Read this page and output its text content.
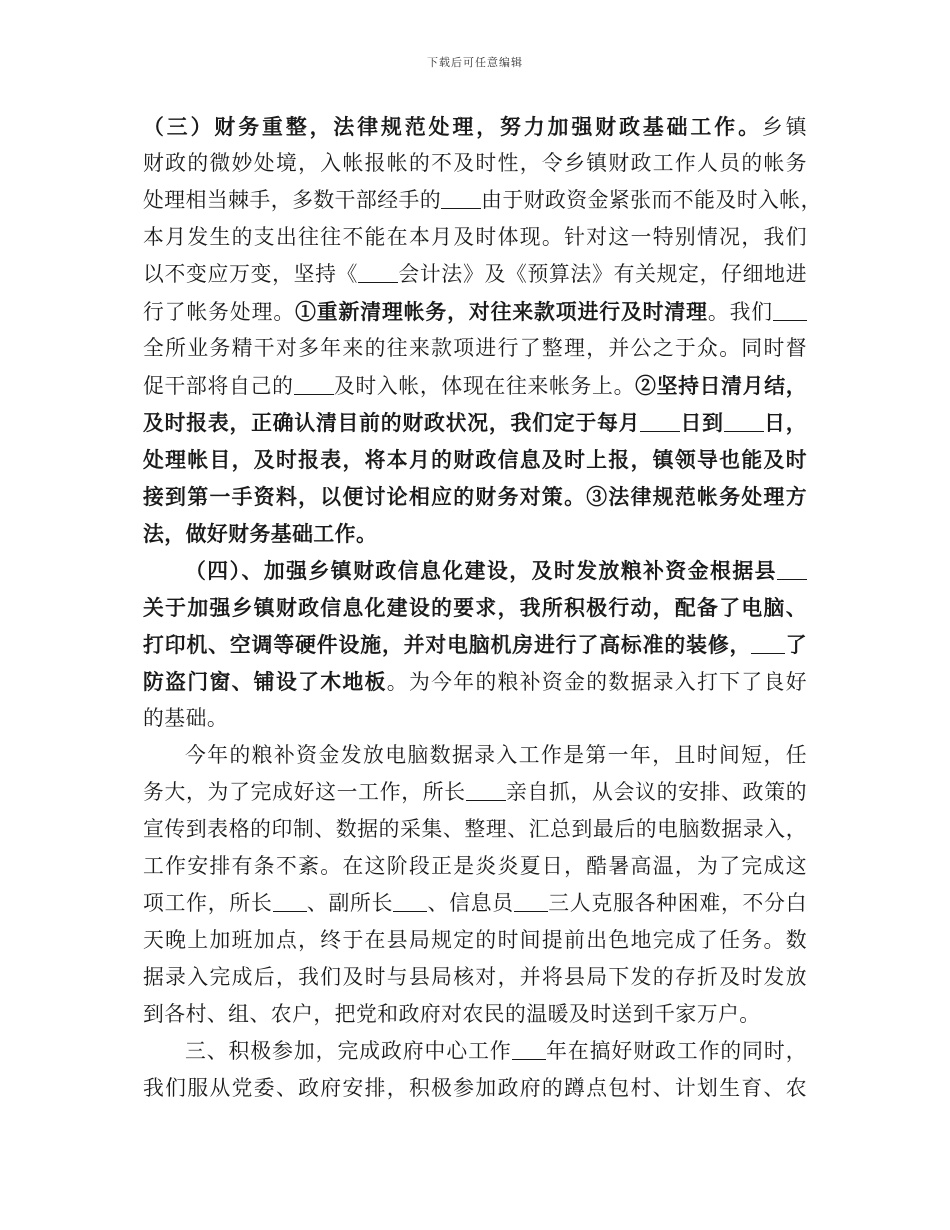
下载后可任意编辑
（三）财务重整，法律规范处理，努力加强财政基础工作。乡镇
财政的微妙处境，入帐报帐的不及时性，令乡镇财政工作人员的帐务
处理相当棘手，多数干部经手的 由于财政资金紧张而不能及时入帐，
本月发生的支出往往不能在本月及时体现。针对这一特别情况，我们
以不变应万变，坚持《 会计法》及《预算法》有关规定，仔细地进
行了帐务处理。①重新清理帐务，对往来款项进行及时清理。我们
全所业务精干对多年来的往来款项进行了整理，并公之于众。同时督
促干部将自己的 及时入帐，体现在往来帐务上。②坚持日清月结，
及时报表，正确认清目前的财政状况，我们定于每月 日到 日，
处理帐目，及时报表，将本月的财政信息及时上报，镇领导也能及时
接到第一手资料，以便讨论相应的财务对策。③法律规范帐务处理方
法，做好财务基础工作。
（四）、加强乡镇财政信息化建设，及时发放粮补资金根据县
关于加强乡镇财政信息化建设的要求，我所积极行动，配备了电脑、
打印机、空调等硬件设施，并对电脑机房进行了高标准的装修， 了
防盗门窗、铺设了木地板。为今年的粮补资金的数据录入打下了良好
的基础。
今年的粮补资金发放电脑数据录入工作是第一年，且时间短，任
务大，为了完成好这一工作，所长 亲自抓，从会议的安排、政策的
宣传到表格的印制、数据的采集、整理、汇总到最后的电脑数据录入，
工作安排有条不紊。在这阶段正是炎炎夏日，酷暑高温，为了完成这
项工作，所长 、副所长 、信息员 三人克服各种困难，不分白
天晚上加班加点，终于在县局规定的时间提前出色地完成了任务。数
据录入完成后，我们及时与县局核对，并将县局下发的存折及时发放
到各村、组、农户，把党和政府对农民的温暖及时送到千家万户。
三、积极参加，完成政府中心工作 年在搞好财政工作的同时，
我们服从党委、政府安排，积极参加政府的蹲点包村、计划生育、农
